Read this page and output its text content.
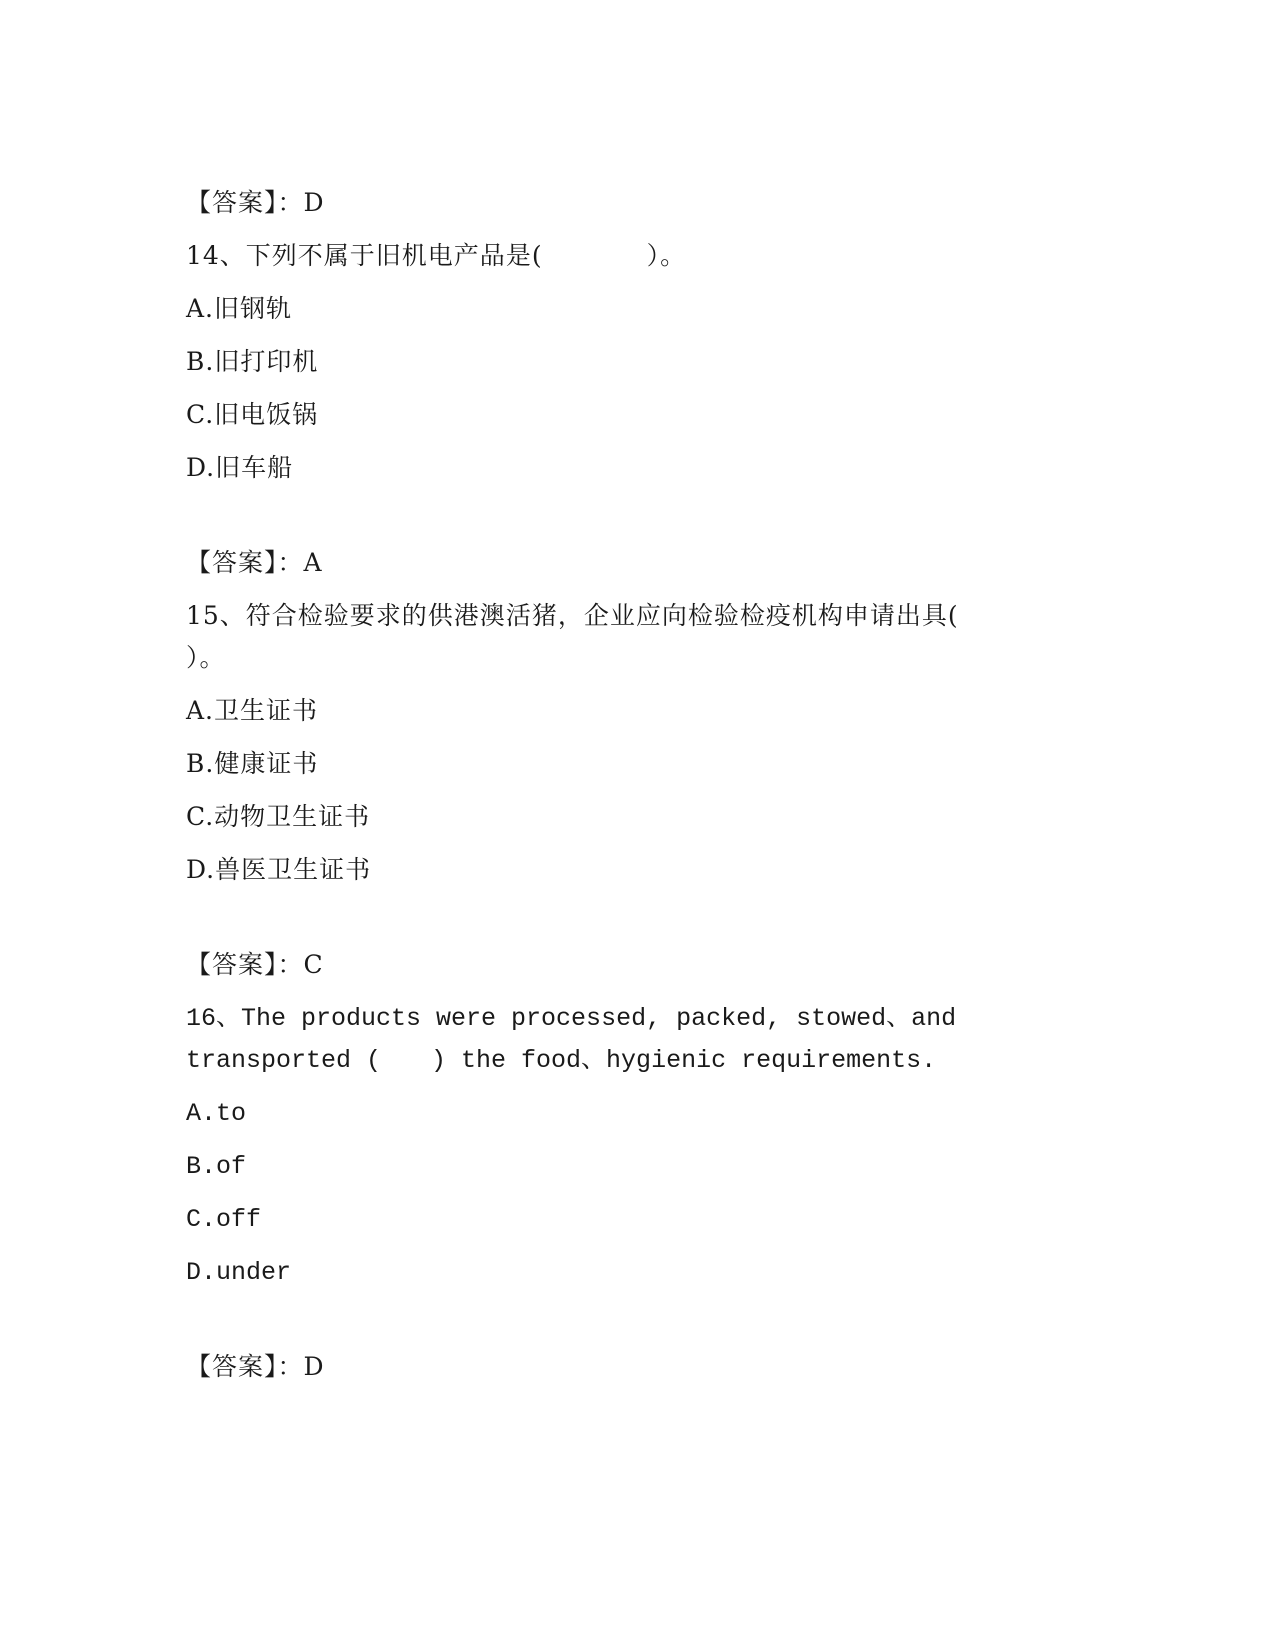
【答案】：D
14、下列不属于旧机电产品是(　　　　）。
A.旧钢轨
B.旧打印机
C.旧电饭锅
D.旧车船
【答案】：A
15、符合检验要求的供港澳活猪，企业应向检验检疫机构申请出具(
）。
A.卫生证书
B.健康证书
C.动物卫生证书
D.兽医卫生证书
【答案】：C
16、The products were processed, packed, stowed、and
transported (　　) the food、hygienic requirements.
A.to
B.of
C.off
D.under
【答案】：D
